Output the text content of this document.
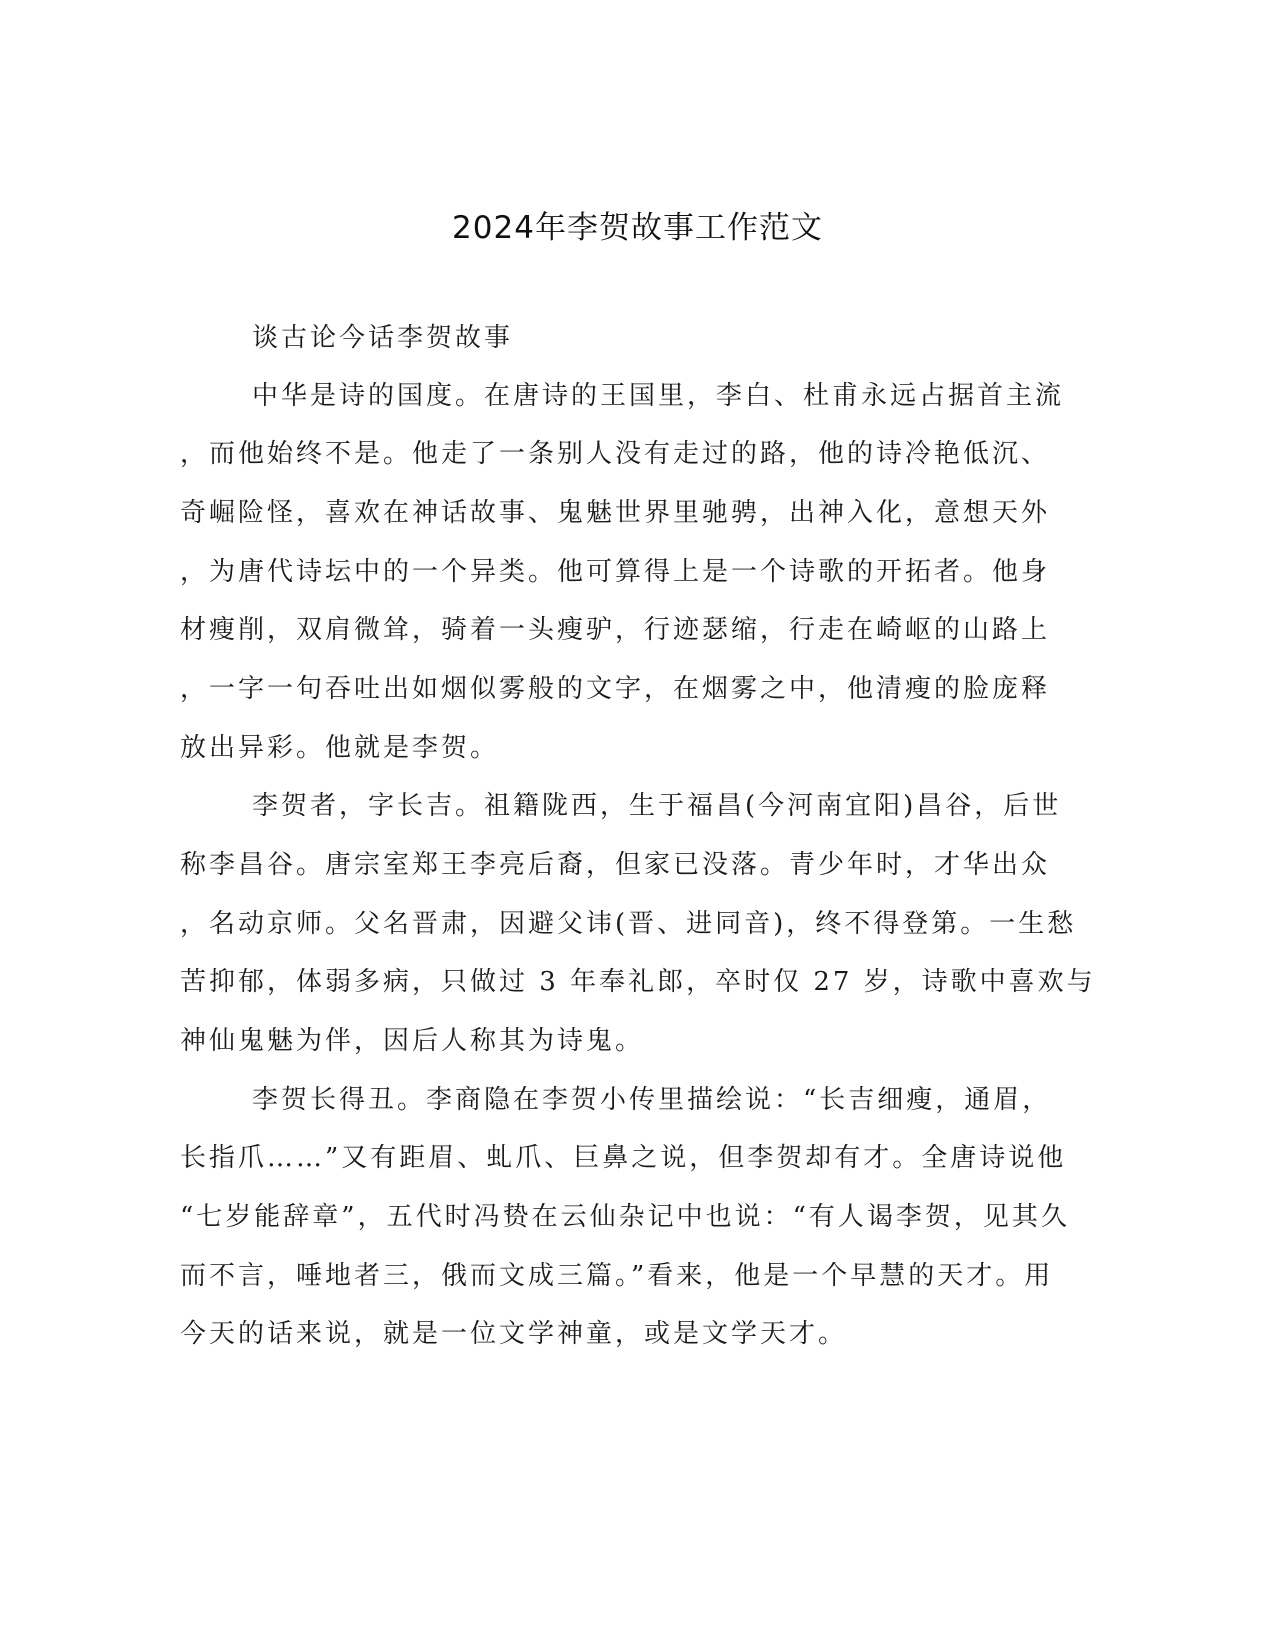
2024年李贺故事工作范文
谈古论今话李贺故事
中华是诗的国度。在唐诗的王国里，李白、杜甫永远占据首主流
，而他始终不是。他走了一条别人没有走过的路，他的诗冷艳低沉、
奇崛险怪，喜欢在神话故事、鬼魅世界里驰骋，出神入化，意想天外
，为唐代诗坛中的一个异类。他可算得上是一个诗歌的开拓者。他身
材瘦削，双肩微耸，骑着一头瘦驴，行迹瑟缩，行走在崎岖的山路上
，一字一句吞吐出如烟似雾般的文字，在烟雾之中，他清瘦的脸庞释
放出异彩。他就是李贺。
李贺者，字长吉。祖籍陇西，生于福昌(今河南宜阳)昌谷，后世
称李昌谷。唐宗室郑王李亮后裔，但家已没落。青少年时，才华出众
，名动京师。父名晋肃，因避父讳(晋、进同音)，终不得登第。一生愁
苦抑郁，体弱多病，只做过 3 年奉礼郎，卒时仅 27 岁，诗歌中喜欢与
神仙鬼魅为伴，因后人称其为诗鬼。
李贺长得丑。李商隐在李贺小传里描绘说：“长吉细瘦，通眉，
长指爪……”又有距眉、虬爪、巨鼻之说，但李贺却有才。全唐诗说他
“七岁能辞章”，五代时冯贽在云仙杂记中也说：“有人谒李贺，见其久
而不言，唾地者三，俄而文成三篇。”看来，他是一个早慧的天才。用
今天的话来说，就是一位文学神童，或是文学天才。
